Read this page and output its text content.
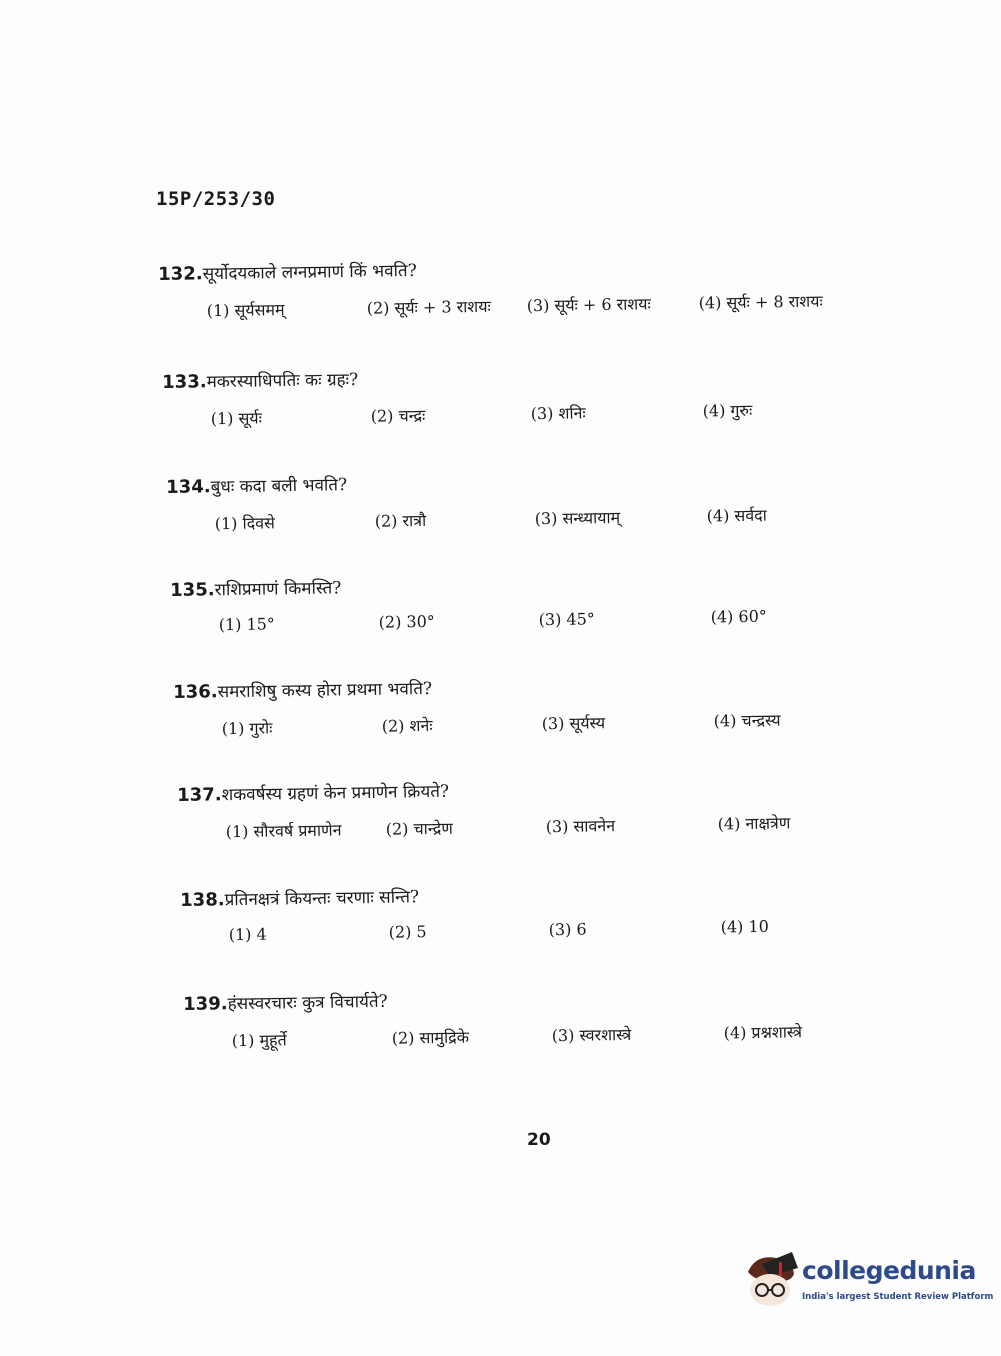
15P/253/30
132.सूर्योदयकाले लग्नप्रमाणं किं भवति?
(1) सूर्यसमम्	(2) सूर्यः + 3 राशयः (3) सूर्यः + 6 राशयः	(4) सूर्यः + 8 राशयः
133.मकरस्याधिपतिः कः ग्रहः?
(1) सूर्यः	(2) चन्द्रः	(3) शनिः	(4) गुरुः
134.बुधः कदा बली भवति?
(1) दिवसे	(2) रात्रौ	(3) सन्ध्यायाम्	(4) सर्वदा
135.राशिप्रमाणं किमस्ति?
(1) 15°	(2) 30°	(3) 45°	(4) 60°
136.समराशिषु कस्य होरा प्रथमा भवति?
(1) गुरोः	(2) शनेः	(3) सूर्यस्य	(4) चन्द्रस्य
137.शकवर्षस्य ग्रहणं केन प्रमाणेन क्रियते?
(1) सौरवर्ष प्रमाणेन	(2) चान्द्रेण	(3) सावनेन	(4) नाक्षत्रेण
138.प्रतिनक्षत्रं कियन्तः चरणाः सन्ति?
(1) 4	(2) 5	(3) 6	(4) 10
139.हंसस्वरचारः कुत्र विचार्यते?
(1) मुहूर्ते	(2) सामुद्रिके	(3) स्वरशास्त्रे	(4) प्रश्नशास्त्रे
20
collegedunia
India's largest Student Review Platform
